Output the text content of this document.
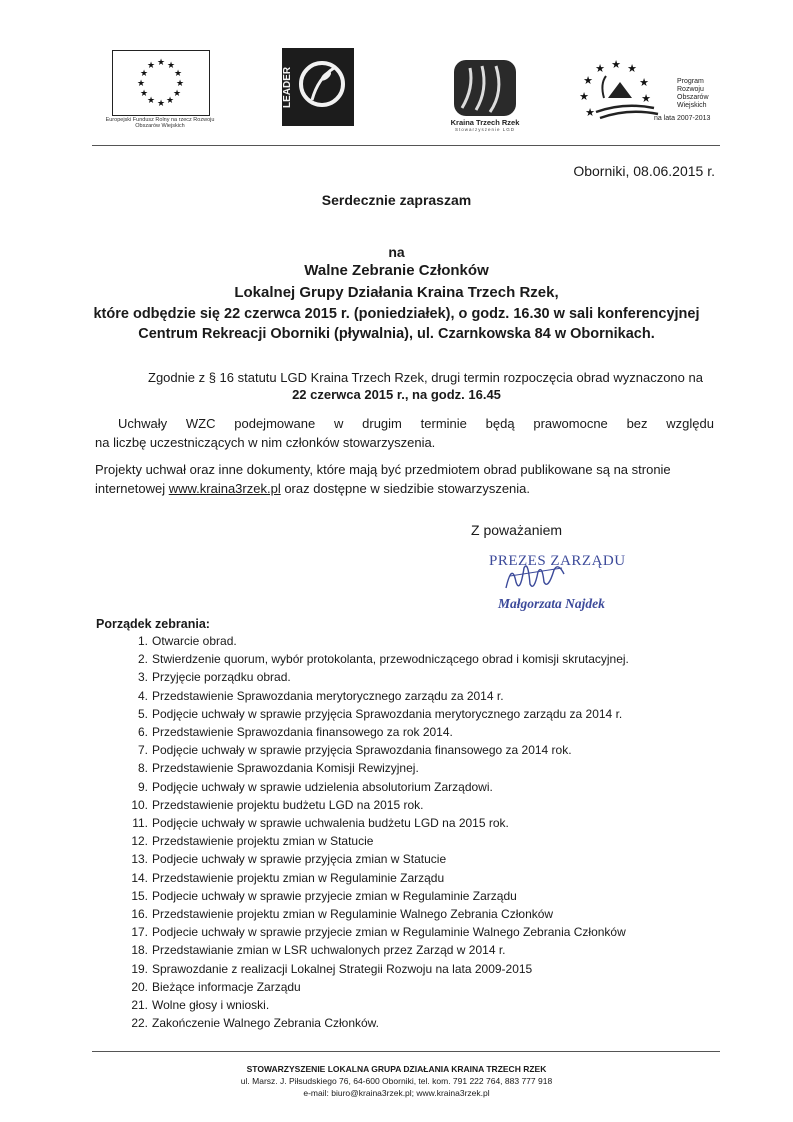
★ ★
★
★
★
★
★
★
★
★
★
★
Europejski Fundusz Rolny na rzecz Rozwoju Obszarów Wiejskich
LEADER
Kraina Trzech Rzek
Stowarzyszenie LGD
★ ★ ★
★	★
★	★
★
Program
Rozwoju
Obszarów
Wiejskich
na lata 2007-2013
Oborniki, 08.06.2015 r.
Serdecznie zapraszam
na
Walne Zebranie Członków
Lokalnej Grupy Działania Kraina Trzech Rzek,
które odbędzie się 22 czerwca 2015 r. (poniedziałek), o godz. 16.30 w sali konferencyjnej
Centrum Rekreacji Oborniki (pływalnia), ul. Czarnkowska 84 w Obornikach.
Zgodnie z § 16 statutu LGD Kraina Trzech Rzek, drugi termin rozpoczęcia obrad wyznaczono na
22 czerwca 2015 r., na godz. 16.45
Uchwały WZC podejmowane w drugim terminie będą prawomocne bez względu
na liczbę uczestniczących w nim członków stowarzyszenia.
Projekty uchwał oraz inne dokumenty, które mają być przedmiotem obrad publikowane są na stronie
internetowej www.kraina3rzek.pl oraz dostępne w siedzibie stowarzyszenia.
Z poważaniem
PREZES ZARZĄDU
Małgorzata Najdek
Porządek zebrania:
1. Otwarcie obrad.
2. Stwierdzenie quorum, wybór protokolanta, przewodniczącego obrad i komisji skrutacyjnej.
3. Przyjęcie porządku obrad.
4. Przedstawienie Sprawozdania merytorycznego zarządu za 2014 r.
5. Podjęcie uchwały w sprawie przyjęcia Sprawozdania merytorycznego zarządu za 2014 r.
6. Przedstawienie Sprawozdania finansowego za rok 2014.
7. Podjęcie uchwały w sprawie przyjęcia Sprawozdania finansowego za 2014 rok.
8. Przedstawienie Sprawozdania Komisji Rewizyjnej.
9. Podjęcie uchwały w sprawie udzielenia absolutorium Zarządowi.
10. Przedstawienie projektu budżetu LGD na 2015 rok.
11. Podjęcie uchwały w sprawie uchwalenia budżetu LGD na 2015 rok.
12. Przedstawienie projektu zmian w Statucie
13. Podjecie uchwały w sprawie przyjęcia zmian w Statucie
14. Przedstawienie projektu zmian w Regulaminie Zarządu
15. Podjecie uchwały w sprawie przyjecie zmian w Regulaminie Zarządu
16. Przedstawienie projektu zmian w Regulaminie Walnego Zebrania Członków
17. Podjecie uchwały w sprawie przyjecie zmian w Regulaminie Walnego Zebrania Członków
18. Przedstawianie zmian w LSR uchwalonych przez Zarząd w 2014 r.
19. Sprawozdanie z realizacji Lokalnej Strategii Rozwoju na lata 2009-2015
20. Bieżące informacje Zarządu
21. Wolne głosy i wnioski.
22. Zakończenie Walnego Zebrania Członków.
STOWARZYSZENIE LOKALNA GRUPA DZIAŁANIA KRAINA TRZECH RZEK
ul. Marsz. J. Piłsudskiego 76, 64-600 Oborniki, tel. kom. 791 222 764, 883 777 918
e-mail: biuro@kraina3rzek.pl; www.kraina3rzek.pl
